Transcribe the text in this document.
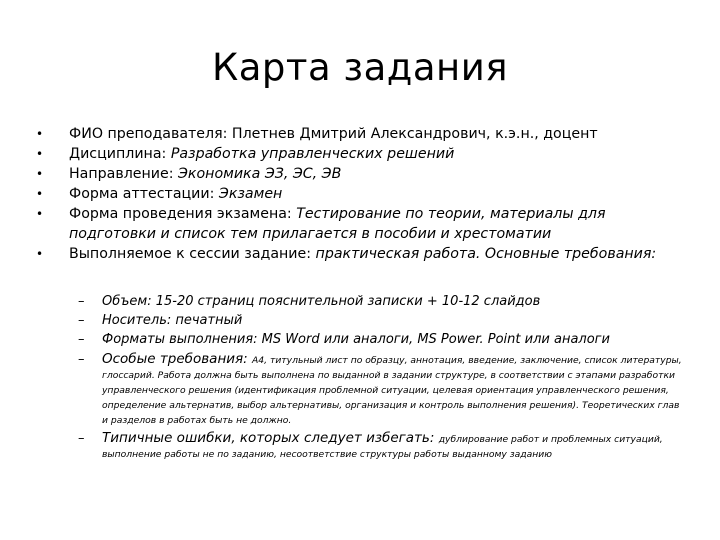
Карта задания
• ФИО преподавателя: Плетнев Дмитрий Александрович, к.э.н., доцент
• Дисциплина: Разработка управленческих решений
• Направление: Экономика ЭЗ, ЭС, ЭВ
• Форма аттестации: Экзамен
• Форма проведения экзамена: Тестирование по теории, материалы для подготовки и список тем прилагается в пособии и хрестоматии
• Выполняемое к сессии задание: практическая работа. Основные требования:
– Объем: 15-20 страниц пояснительной записки + 10-12 слайдов
– Носитель: печатный
– Форматы выполнения: MS Word или аналоги, MS Power. Point или аналоги
– Особые требования: А4, титульный лист по образцу, аннотация, введение, заключение, список литературы, глоссарий. Работа должна быть выполнена по выданной в задании структуре, в соответствии с этапами разработки управленческого решения (идентификация проблемной ситуации, целевая ориентация управленческого решения, определение альтернатив, выбор альтернативы, организация и контроль выполнения решения). Теоретических глав и разделов в работах быть не должно.
– Типичные ошибки, которых следует избегать: дублирование работ и проблемных ситуаций, выполнение работы не по заданию, несоответствие структуры работы выданному заданию
